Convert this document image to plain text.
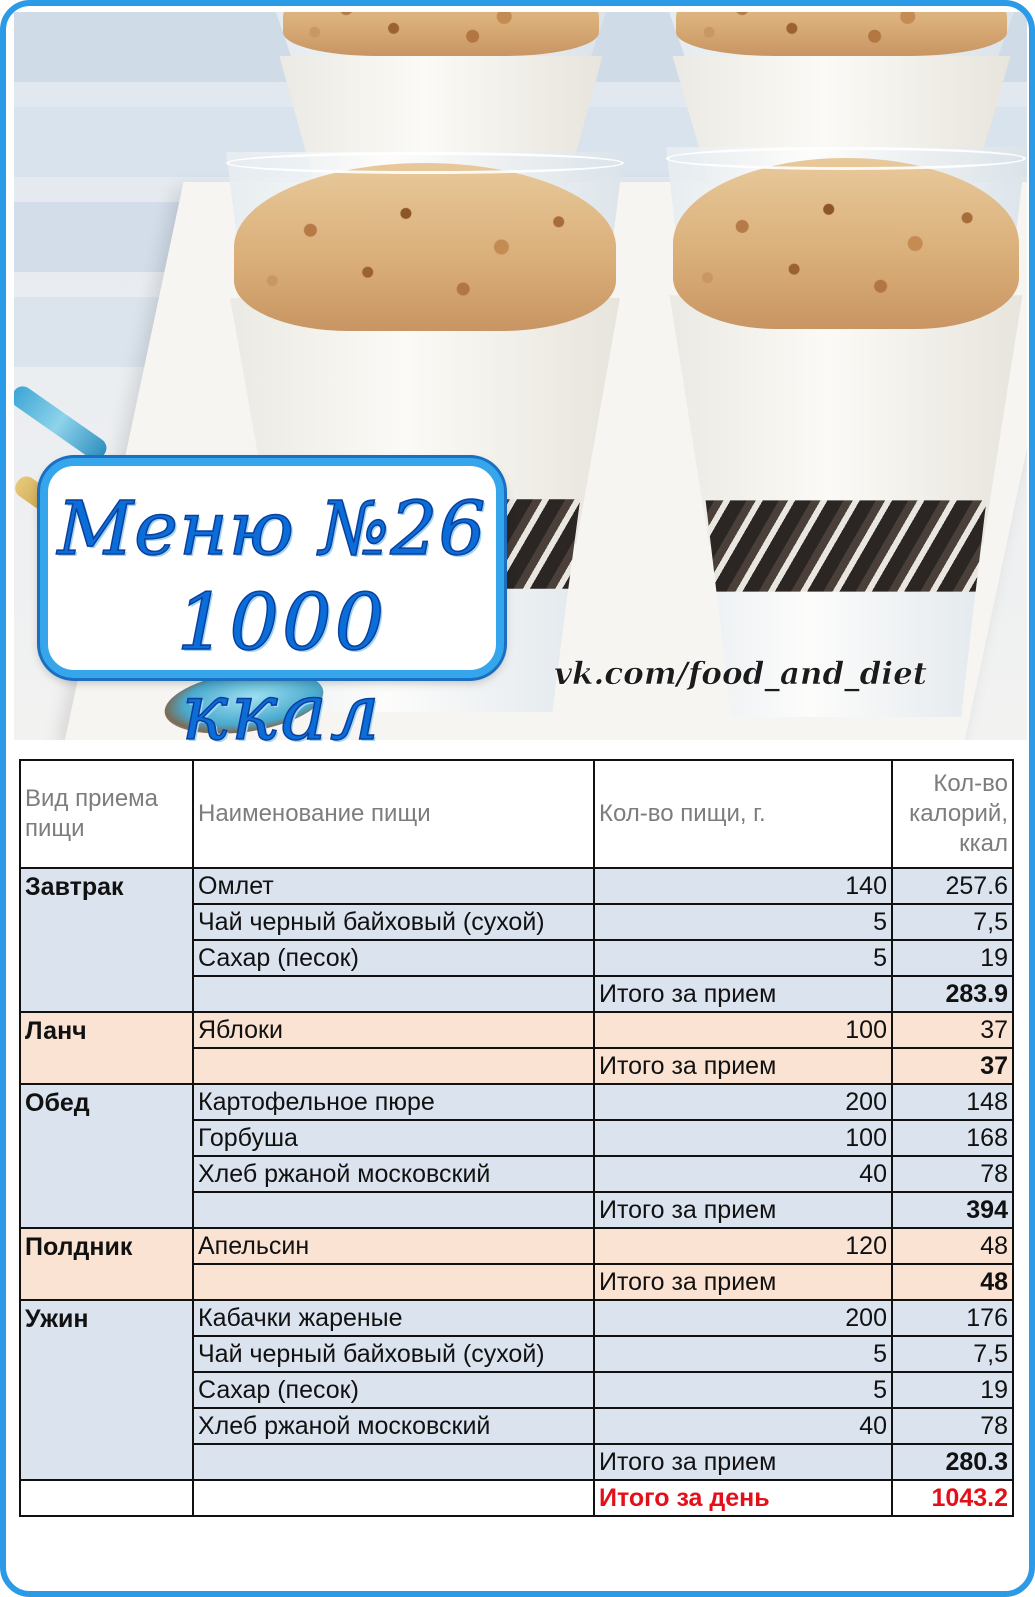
vk.com/food_and_diet
Меню №26
1000 ккал
Вид приема пищи	Наименование пищи	Кол-во пищи, г.	Кол-во калорий, ккал
Завтрак	Омлет	140	257.6
	Чай черный байховый (сухой)	5	7,5
	Сахар (песок)	5	19
		Итого за прием	283.9
Ланч	Яблоки	100	37
		Итого за прием	37
Обед	Картофельное пюре	200	148
	Горбуша	100	168
	Хлеб ржаной московский	40	78
		Итого за прием	394
Полдник	Апельсин	120	48
		Итого за прием	48
Ужин	Кабачки жареные	200	176
	Чай черный байховый (сухой)	5	7,5
	Сахар (песок)	5	19
	Хлеб ржаной московский	40	78
		Итого за прием	280.3
		Итого за день	1043.2
